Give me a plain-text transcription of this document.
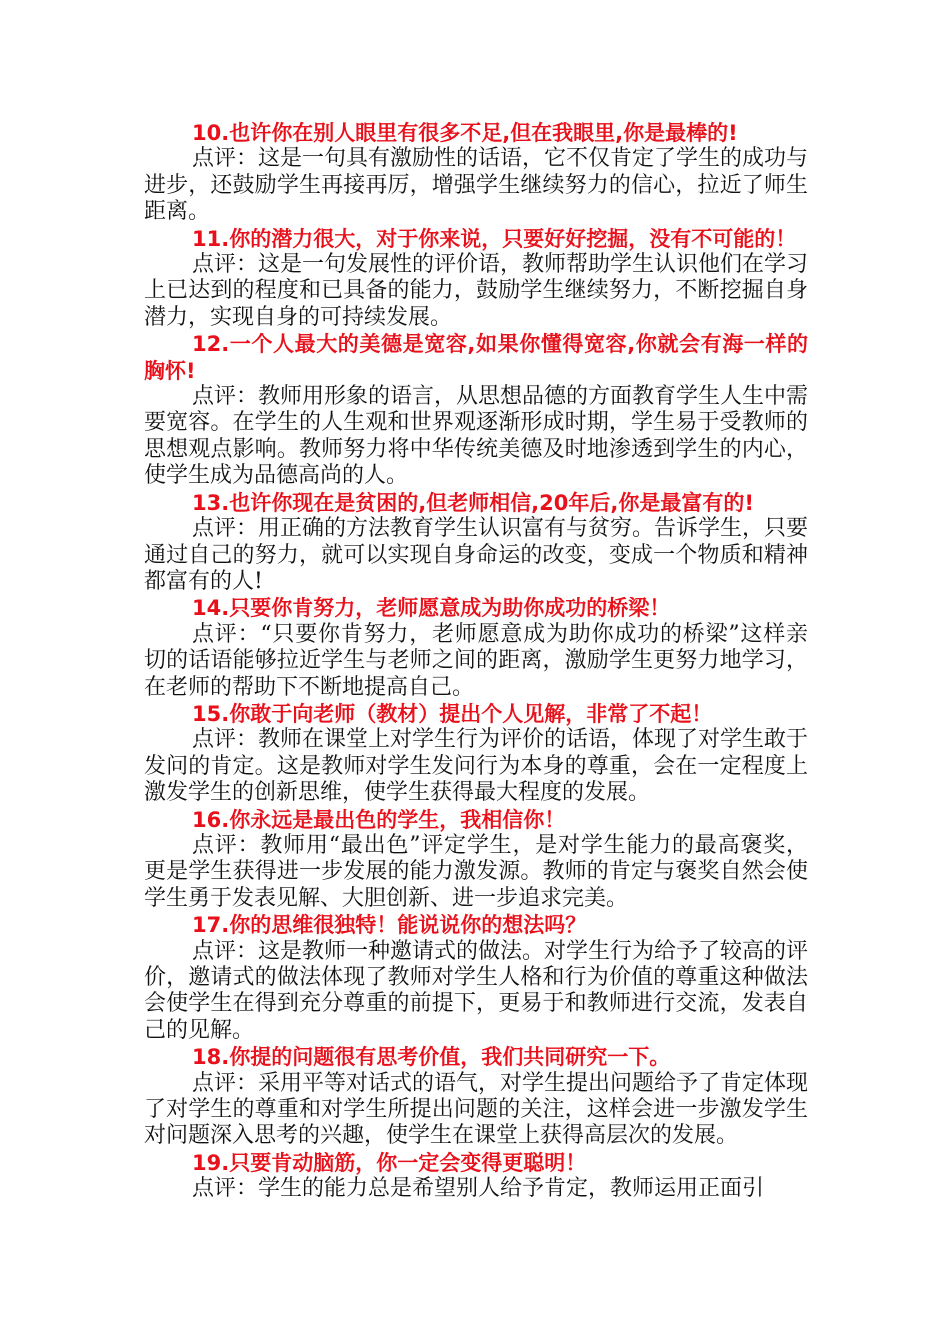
10.也许你在别人眼里有很多不足,但在我眼里,你是最棒的!

点评：这是一句具有激励性的话语，它不仅肯定了学生的成功与进步，还鼓励学生再接再厉，增强学生继续努力的信心，拉近了师生距离。

11.你的潜力很大，对于你来说，只要好好挖掘，没有不可能的！

点评：这是一句发展性的评价语，教师帮助学生认识他们在学习上已达到的程度和已具备的能力，鼓励学生继续努力，不断挖掘自身潜力，实现自身的可持续发展。

12.一个人最大的美德是宽容,如果你懂得宽容,你就会有海一样的胸怀!

点评：教师用形象的语言，从思想品德的方面教育学生人生中需要宽容。在学生的人生观和世界观逐渐形成时期，学生易于受教师的思想观点影响。教师努力将中华传统美德及时地渗透到学生的内心，使学生成为品德高尚的人。

13.也许你现在是贫困的,但老师相信,20年后,你是最富有的!

点评：用正确的方法教育学生认识富有与贫穷。告诉学生，只要通过自己的努力，就可以实现自身命运的改变，变成一个物质和精神都富有的人!

14.只要你肯努力，老师愿意成为助你成功的桥梁！

点评：“只要你肯努力，老师愿意成为助你成功的桥梁”这样亲切的话语能够拉近学生与老师之间的距离，激励学生更努力地学习，在老师的帮助下不断地提高自己。

15.你敢于向老师（教材）提出个人见解，非常了不起！

点评：教师在课堂上对学生行为评价的话语，体现了对学生敢于发问的肯定。这是教师对学生发问行为本身的尊重，会在一定程度上激发学生的创新思维，使学生获得最大程度的发展。

16.你永远是最出色的学生，我相信你！

点评：教师用“最出色”评定学生，是对学生能力的最高褒奖，更是学生获得进一步发展的能力激发源。教师的肯定与褒奖自然会使学生勇于发表见解、大胆创新、进一步追求完美。

17.你的思维很独特！能说说你的想法吗？

点评：这是教师一种邀请式的做法。对学生行为给予了较高的评价，邀请式的做法体现了教师对学生人格和行为价值的尊重这种做法会使学生在得到充分尊重的前提下，更易于和教师进行交流，发表自己的见解。

18.你提的问题很有思考价值，我们共同研究一下。

点评：采用平等对话式的语气，对学生提出问题给予了肯定体现了对学生的尊重和对学生所提出问题的关注，这样会进一步激发学生对问题深入思考的兴趣，使学生在课堂上获得高层次的发展。

19.只要肯动脑筋，你一定会变得更聪明！

点评：学生的能力总是希望别人给予肯定，教师运用正面引
